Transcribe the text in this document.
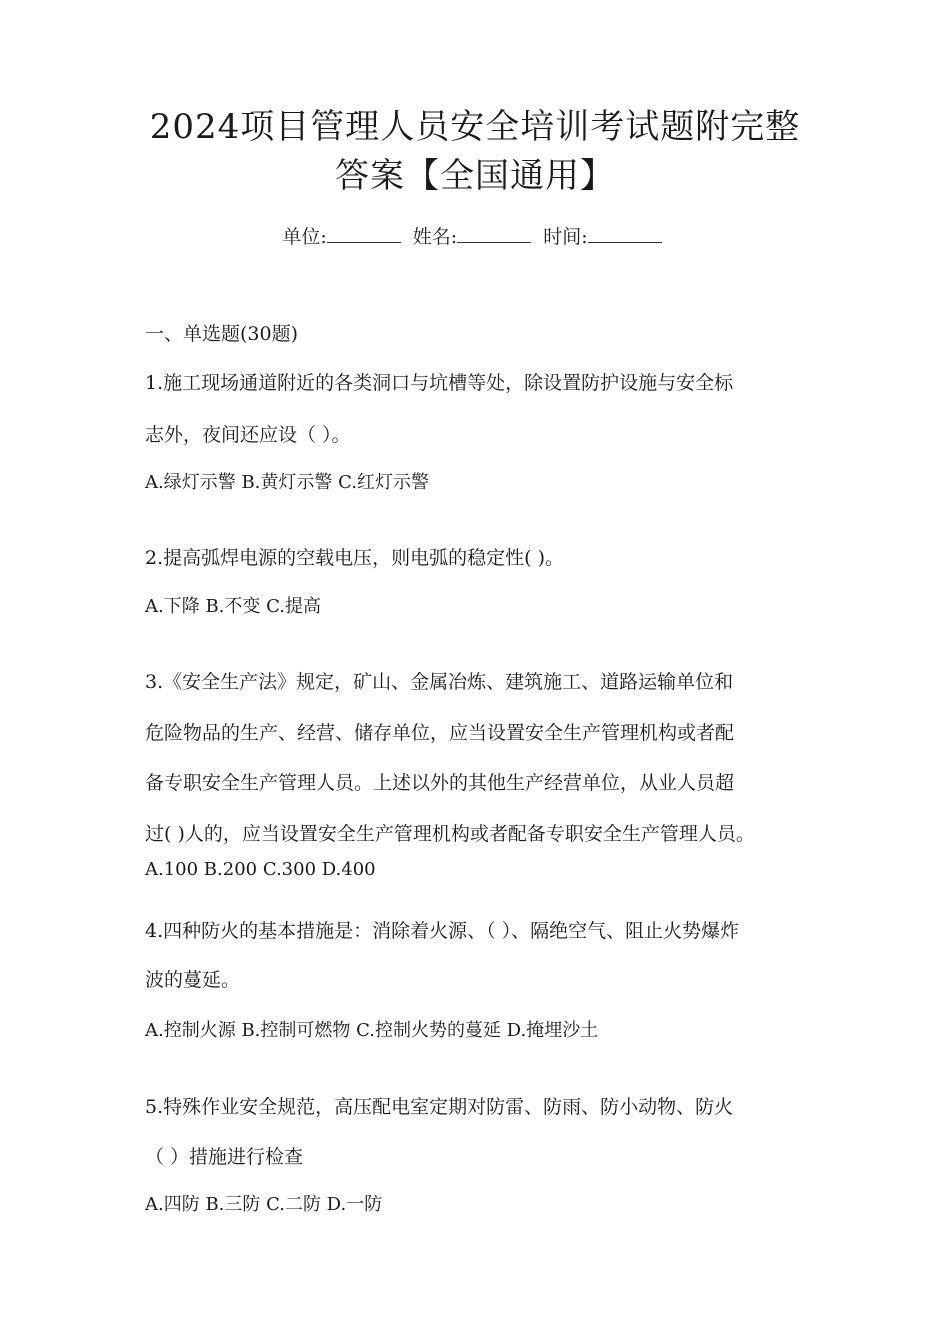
2024项目管理人员安全培训考试题附完整
答案【全国通用】
单位:	姓名:	时间:
一、单选题(30题)
1.施工现场通道附近的各类洞口与坑槽等处，除设置防护设施与安全标
志外，夜间还应设（ ）。
A.绿灯示警 B.黄灯示警 C.红灯示警
2.提高弧焊电源的空载电压，则电弧的稳定性( )。
A.下降 B.不变 C.提高
3.《安全生产法》规定，矿山、金属冶炼、建筑施工、道路运输单位和
危险物品的生产、经营、储存单位，应当设置安全生产管理机构或者配
备专职安全生产管理人员。上述以外的其他生产经营单位，从业人员超
过( )人的，应当设置安全生产管理机构或者配备专职安全生产管理人员。
A.100 B.200 C.300 D.400
4.四种防火的基本措施是：消除着火源、（ ）、隔绝空气、阻止火势爆炸
波的蔓延。
A.控制火源 B.控制可燃物 C.控制火势的蔓延 D.掩埋沙土
5.特殊作业安全规范，高压配电室定期对防雷、防雨、防小动物、防火
（ ）措施进行检查
A.四防 B.三防 C.二防 D.一防
